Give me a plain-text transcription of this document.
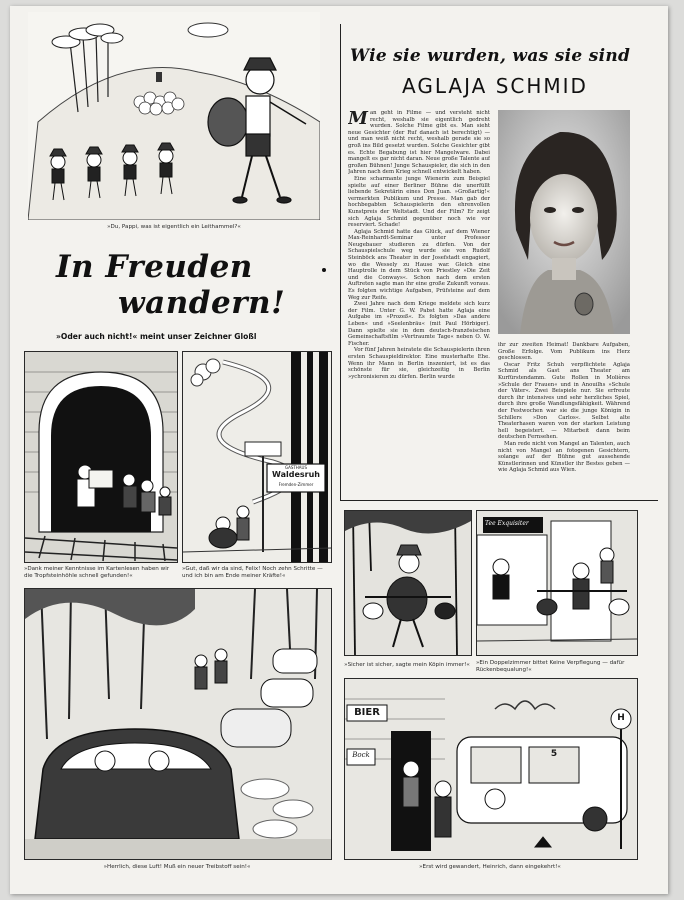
»Du, Pappi, was ist eigentlich ein Leithammel?«
In Freuden
wandern!
»Oder auch nicht!« meint unser Zeichner Gloßl
»Dank meiner Kenntnisse im Kartenlesen haben wir die Tropfsteinhöhle schnell gefunden!«
GASTHAUS
Waldesruh
Fremden-Zimmer
»Gut, daß wir da sind, Felix! Noch zehn Schritte — und ich bin am Ende meiner Kräfte!«
»Herrlich, diese Luft! Muß ein neuer Treibstoff sein!«
Wie sie wurden, was sie sind
AGLAJA SCHMID

Man geht in Filme — und versteht nicht recht, weshalb sie eigentlich gedreht wurden. Solche Filme gibt es. Man sieht neue Gesichter (der Ruf danach ist berechtigt) — und man weiß nicht recht, weshalb gerade sie so groß ins Bild gesetzt wurden. Solche Gesichter gibt es. Echte Begabung ist hier Mangelware. Dabei mangelt es gar nicht daran. Neue große Talente auf großen Bühnen! Junge Schauspieler, die sich in den Jahren nach dem Krieg schnell entwickelt haben.

Eine scharmante junge Wienerin zum Beispiel spielte auf einer Berliner Bühne die unerfüllt liebende Sekretärin eines Don Juan. »Großartig!« vermerkten Publikum und Presse. Man gab der hochbegabten Schauspielerin den ehrenvollen Kunstpreis der Weltstadt. Und der Film? Er zeigt sich Aglaja Schmid gegenüber noch wie vor reserviert. Schade!

Aglaja Schmid hatte das Glück, auf dem Wiener Max-Reinhardt-Seminar unter Professor Neugebauer studieren zu dürfen. Von der Schauspielschule weg wurde sie von Rudolf Steinböck ans Theater in der Josefstadt engagiert, wo die Wessely zu Hause war. Gleich eine Hauptrolle in dem Stück von Priestley »Die Zeit und die Conways«. Schon nach dem ersten Auftreten sagte man ihr eine große Zukunft voraus. Es folgten wichtige Aufgaben, Prüfsteine auf dem Weg zur Reife.

Zwei Jahre nach dem Kriege meldete sich kurz der Film. Unter G. W. Pabst hatte Aglaja eine Aufgabe im »Prozeß«. Es folgten »Das andere Leben« und »Seelenbräu« (mit Paul Hörbiger). Dann spielte sie in dem deutsch-französischen Gemeinschaftsfilm »Vertraumte Tage« neben O. W. Fischer.

Vor fünf Jahren heiratete die Schauspielerin ihren ersten Schauspieldirektor. Eine musterhafte Ehe. Wenn ihr Mann in Berlin inszeniert, ist es das schönste für sie, gleichzeitig in Berlin »ychronisieren zu dürfen. Berlin wurde

ihr zur zweiten Heimat! Dankbare Aufgaben, Große Erfolge. Vom Publikum ins Herz geschlossen.

Oscar Fritz Schuh verpflichtete Aglaja Schmid als Gast ans Theater am Kurfürstendamm. Gute Rollen in Molières »Schule der Frauen« und in Anouilhs »Schule der Väter«. Zwei Beispiele nur. Sie erfreute durch ihr intensives und sehr herzliches Spiel, durch ihre große Wandlungsfähigkeit. Während der Festwochen war sie die junge Königin in Schillers »Don Carlos«. Selbst alte Theaterhasen waren von der starken Leistung hell begeistert. — Mitarbeit dann beim deutschen Fernsehen.

Man rede nicht von Mangel an Talenten, auch nicht von Mangel an fotogenen Gesichtern, solange auf der Bühne gut aussehende Künstlerinnen und Künstler ihr Bestes geben — wie Aglaja Schmid aus Wien.

»Sicher ist sicher, sagte mein Köpin immer!«
Tee Exquisiter
»Ein Doppelzimmer bittet Keine Verpflegung — dafür Rückenbequalung!«
BIER
Bock
H
5
»Erst wird gewandert, Heinrich, dann eingekehrt!«
